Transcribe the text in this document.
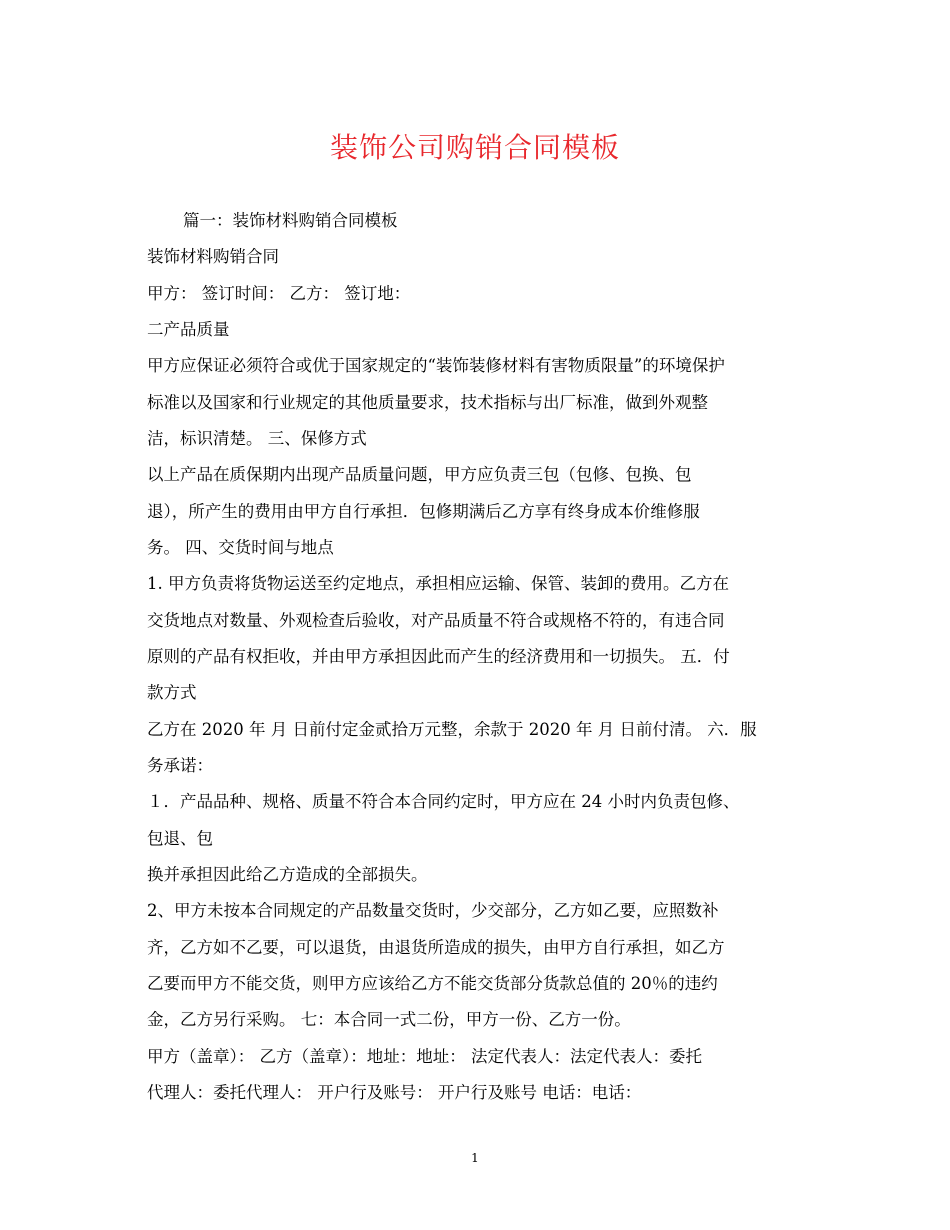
装饰公司购销合同模板
篇一：装饰材料购销合同模板
装饰材料购销合同
甲方： 签订时间： 乙方： 签订地：
二产品质量
甲方应保证必须符合或优于国家规定的“装饰装修材料有害物质限量”的环境保护
标准以及国家和行业规定的其他质量要求，技术指标与出厂标准，做到外观整
洁，标识清楚。 三、保修方式
以上产品在质保期内出现产品质量问题，甲方应负责三包（包修、包换、包
退），所产生的费用由甲方自行承担．包修期满后乙方享有终身成本价维修服
务。 四、交货时间与地点
1. 甲方负责将货物运送至约定地点，承担相应运输、保管、装卸的费用。乙方在
交货地点对数量、外观检查后验收，对产品质量不符合或规格不符的，有违合同
原则的产品有权拒收，并由甲方承担因此而产生的经济费用和一切损失。 五．付
款方式
乙方在 2020 年 月 日前付定金贰拾万元整，余款于 2020 年 月 日前付清。 六．服
务承诺：
１．产品品种、规格、质量不符合本合同约定时，甲方应在 24 小时内负责包修、
包退、包
换并承担因此给乙方造成的全部损失。
2、甲方未按本合同规定的产品数量交货时，少交部分，乙方如乙要，应照数补
齐，乙方如不乙要，可以退货，由退货所造成的损失，由甲方自行承担，如乙方
乙要而甲方不能交货，则甲方应该给乙方不能交货部分货款总值的 20％的违约
金，乙方另行采购。 七：本合同一式二份，甲方一份、乙方一份。
甲方（盖章）： 乙方（盖章）：地址：地址： 法定代表人：法定代表人：委托
代理人：委托代理人： 开户行及账号： 开户行及账号 电话：电话：
1
